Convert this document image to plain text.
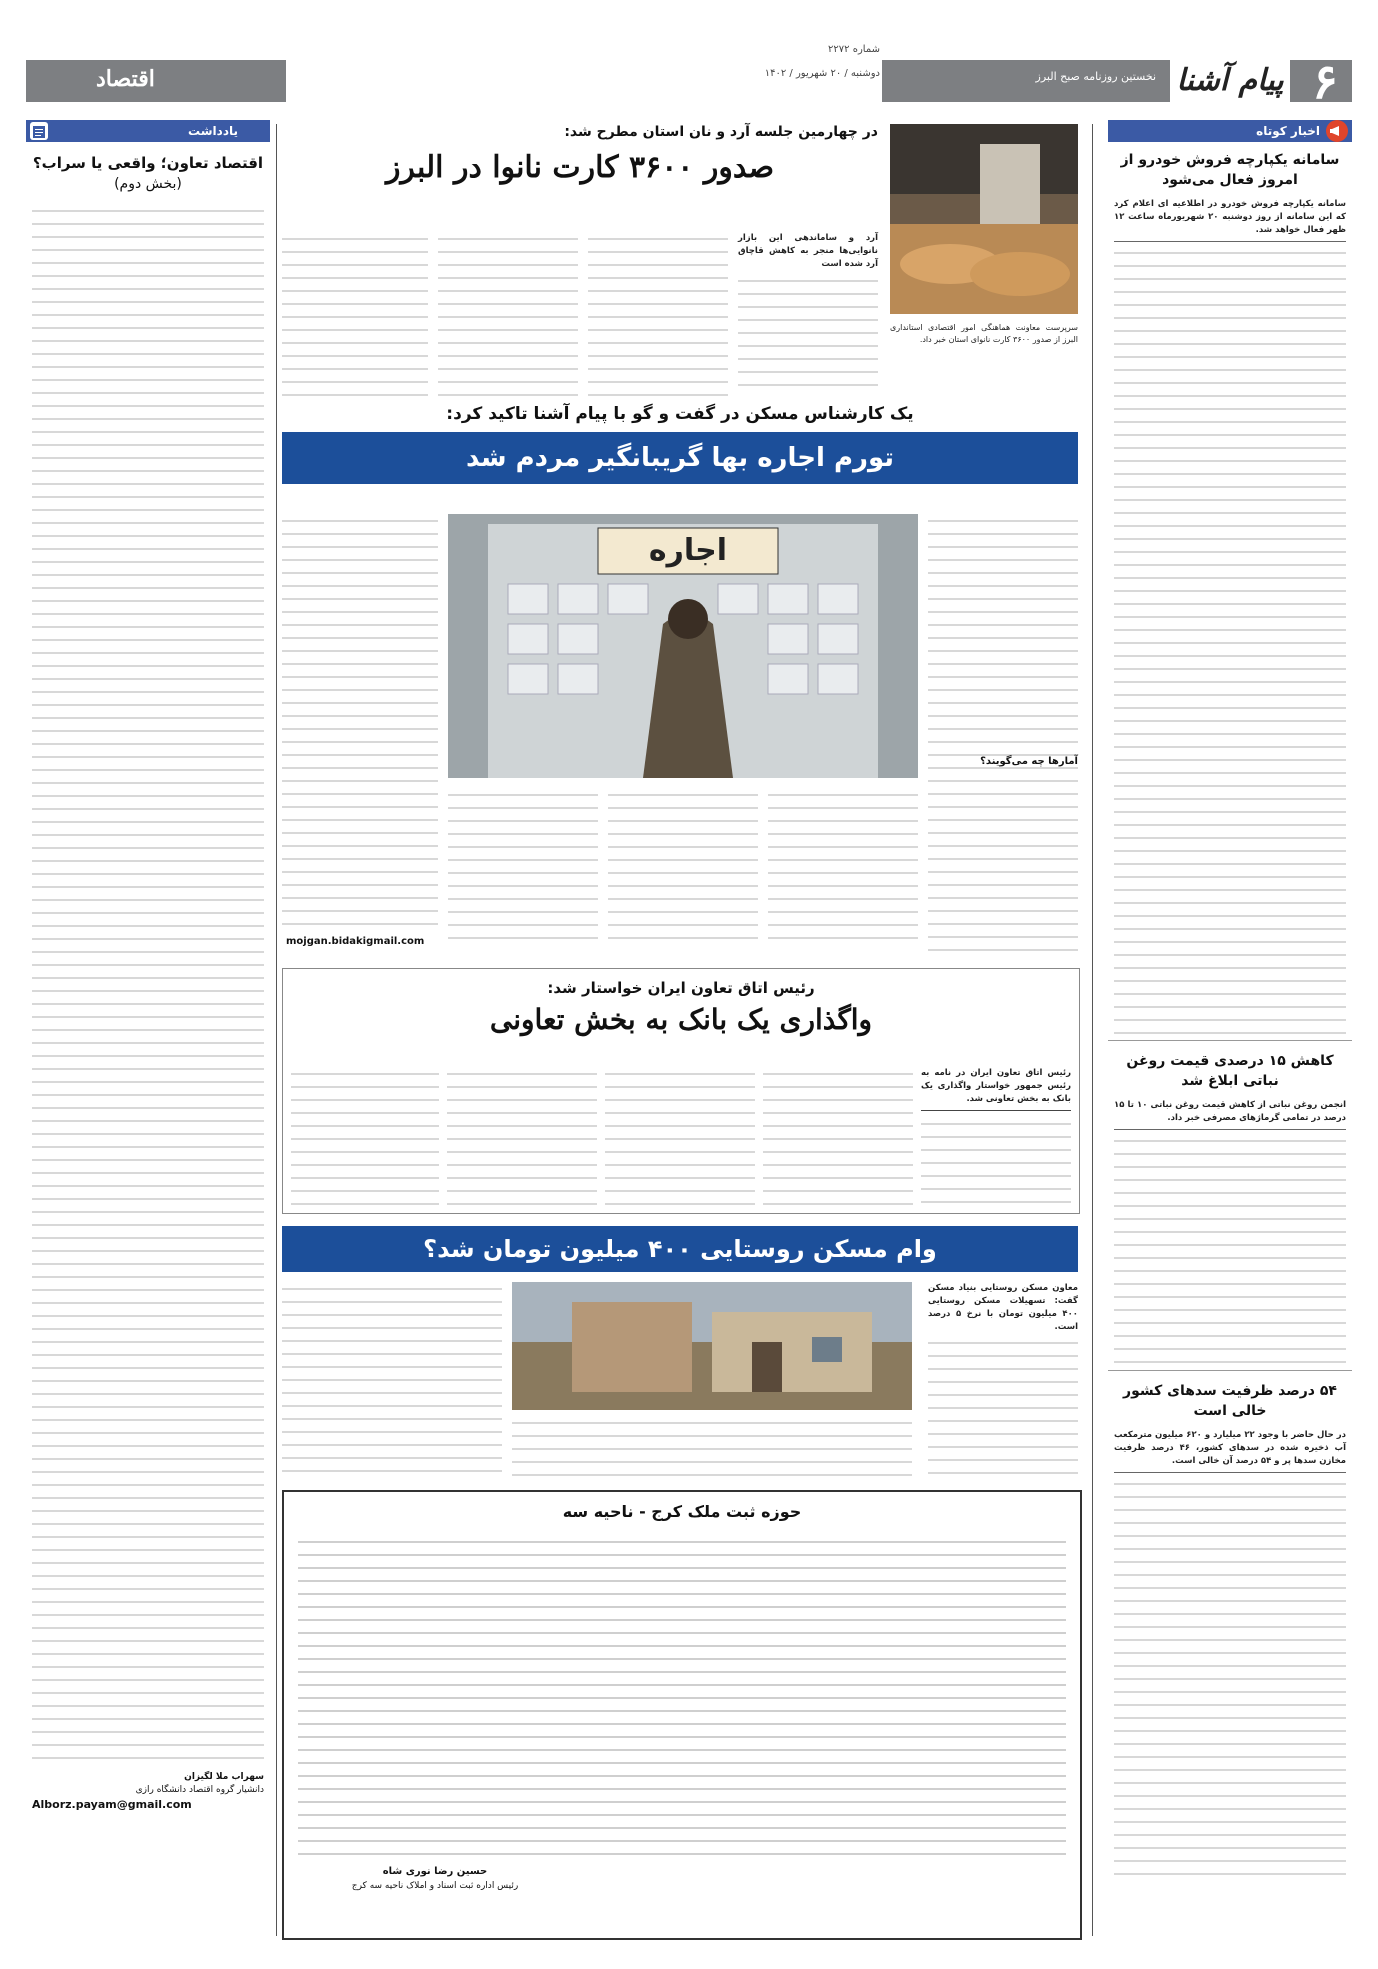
۶
پیام آشنا
نخستین روزنامه صبح البرز
شماره ۲۲۷۲
دوشنبه / ۲۰ شهریور / ۱۴۰۲
اقتصاد
اخبار کوتاه
سامانه یکپارچه فروش خودرو از امروز فعال می‌شود
سامانه یکپارچه فروش خودرو در اطلاعیه ای اعلام کرد که این سامانه از روز دوشنبه ۲۰ شهریورماه ساعت ۱۲ ظهر فعال خواهد شد.
کاهش ۱۵ درصدی قیمت روغن نباتی ابلاغ شد
انجمن روغن نباتی از کاهش قیمت روغن نباتی ۱۰ تا ۱۵ درصد در تمامی گرماژهای مصرفی خبر داد.
۵۴ درصد ظرفیت سدهای کشور خالی است
در حال حاضر با وجود ۲۲ میلیارد و ۶۲۰ میلیون مترمکعب آب ذخیره شده در سدهای کشور، ۴۶ درصد ظرفیت مخازن سدها پر و ۵۴ درصد آن خالی است.
سرپرست معاونت هماهنگی امور اقتصادی استانداری البرز از صدور ۳۶۰۰ کارت نانوای استان خبر داد.
در چهارمین جلسه آرد و نان استان مطرح شد:
صدور ۳۶۰۰ کارت نانوا در البرز
آرد و ساماندهی این بازار نانوایی‌ها منجر به کاهش قاچاق آرد شده است
یک کارشناس مسکن در گفت و گو با پیام آشنا تاکید کرد:
تورم اجاره بها گریبانگیر مردم شد
اجاره
آمارها چه می‌گویند؟
mojgan.bidakigmail.com
رئیس اتاق تعاون ایران خواستار شد:
واگذاری یک بانک به بخش تعاونی
رئیس اتاق تعاون ایران در نامه به رئیس جمهور خواستار واگذاری یک بانک به بخش تعاونی شد.
وام مسکن روستایی ۴۰۰ میلیون تومان شد؟
معاون مسکن روستایی بنیاد مسکن گفت: تسهیلات مسکن روستایی ۴۰۰ میلیون تومان با نرخ ۵ درصد است.
حوزه ثبت ملک کرج - ناحیه سه
حسین رضا نوری شاه
رئیس اداره ثبت اسناد و املاک ناحیه سه کرج
یادداشت
اقتصاد تعاون؛ واقعی یا سراب؟
(بخش دوم)
سهراب ملا لگیزان
دانشیار گروه اقتصاد دانشگاه رازی
Alborz.payam@gmail.com
